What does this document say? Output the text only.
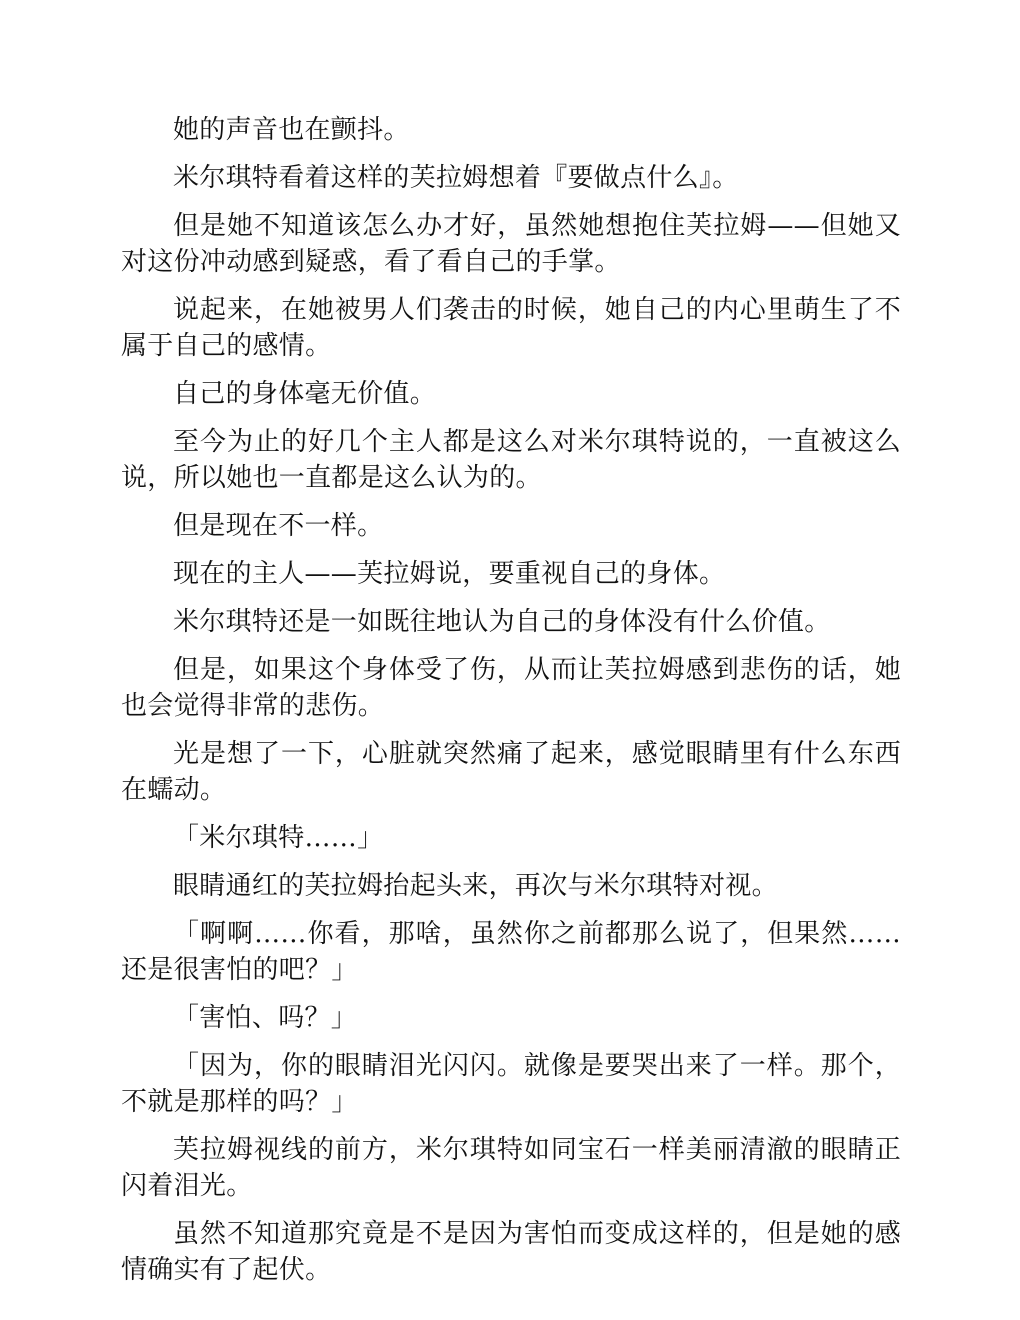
她的声音也在颤抖。

米尔琪特看着这样的芙拉姆想着『要做点什么』。

但是她不知道该怎么办才好，虽然她想抱住芙拉姆——但她又对这份冲动感到疑惑，看了看自己的手掌。

说起来，在她被男人们袭击的时候，她自己的内心里萌生了不属于自己的感情。

自己的身体毫无价值。

至今为止的好几个主人都是这么对米尔琪特说的，一直被这么说，所以她也一直都是这么认为的。

但是现在不一样。

现在的主人——芙拉姆说，要重视自己的身体。

米尔琪特还是一如既往地认为自己的身体没有什么价值。

但是，如果这个身体受了伤，从而让芙拉姆感到悲伤的话，她也会觉得非常的悲伤。

光是想了一下，心脏就突然痛了起来，感觉眼睛里有什么东西在蠕动。

「米尔琪特……」

眼睛通红的芙拉姆抬起头来，再次与米尔琪特对视。

「啊啊……你看，那啥，虽然你之前都那么说了，但果然……还是很害怕的吧？」

「害怕、吗？」

「因为，你的眼睛泪光闪闪。就像是要哭出来了一样。那个，不就是那样的吗？」

芙拉姆视线的前方，米尔琪特如同宝石一样美丽清澈的眼睛正闪着泪光。

虽然不知道那究竟是不是因为害怕而变成这样的，但是她的感情确实有了起伏。
